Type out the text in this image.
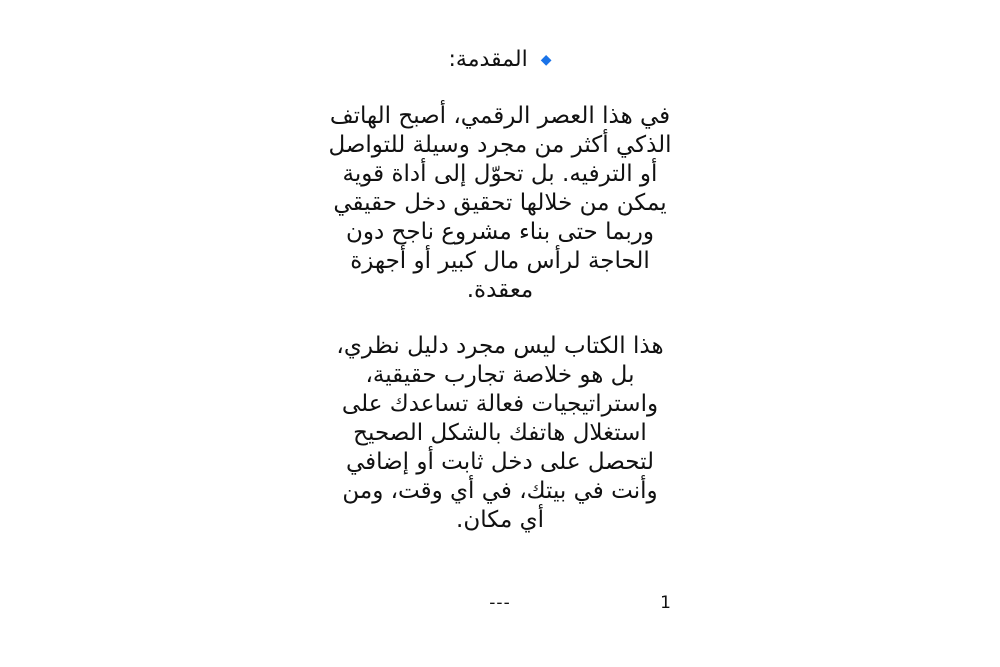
◆
المقدمة:
في هذا العصر الرقمي، أصبح الهاتف
الذكي أكثر من مجرد وسيلة للتواصل
أو الترفيه. بل تحوّل إلى أداة قوية
يمكن من خلالها تحقيق دخل حقيقي
وربما حتى بناء مشروع ناجح دون
الحاجة لرأس مال كبير أو أجهزة
معقدة.
هذا الكتاب ليس مجرد دليل نظري،
بل هو خلاصة تجارب حقيقية،
واستراتيجيات فعالة تساعدك على
استغلال هاتفك بالشكل الصحيح
لتحصل على دخل ثابت أو إضافي
وأنت في بيتك، في أي وقت، ومن
أي مكان.
---	1
